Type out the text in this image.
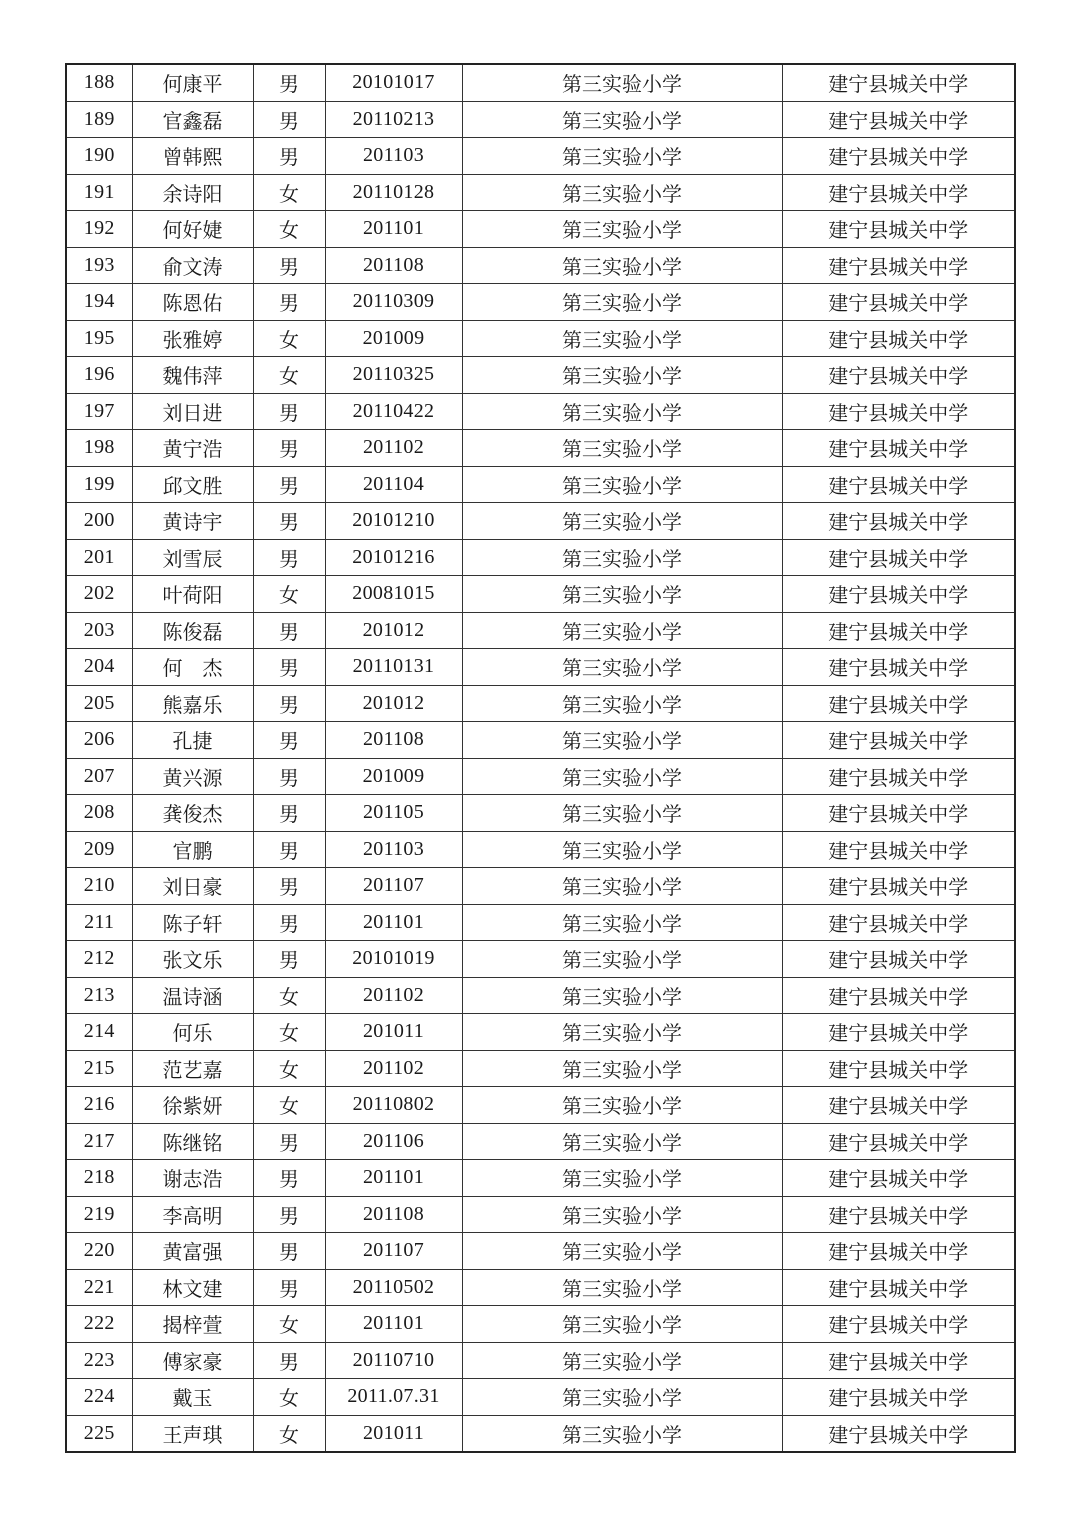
188	何康平	男	20101017	第三实验小学	建宁县城关中学
189	官鑫磊	男	20110213	第三实验小学	建宁县城关中学
190	曾韩熙	男	201103	第三实验小学	建宁县城关中学
191	余诗阳	女	20110128	第三实验小学	建宁县城关中学
192	何好婕	女	201101	第三实验小学	建宁县城关中学
193	俞文涛	男	201108	第三实验小学	建宁县城关中学
194	陈恩佑	男	20110309	第三实验小学	建宁县城关中学
195	张雅婷	女	201009	第三实验小学	建宁县城关中学
196	魏伟萍	女	20110325	第三实验小学	建宁县城关中学
197	刘日进	男	20110422	第三实验小学	建宁县城关中学
198	黄宁浩	男	201102	第三实验小学	建宁县城关中学
199	邱文胜	男	201104	第三实验小学	建宁县城关中学
200	黄诗宇	男	20101210	第三实验小学	建宁县城关中学
201	刘雪辰	男	20101216	第三实验小学	建宁县城关中学
202	叶荷阳	女	20081015	第三实验小学	建宁县城关中学
203	陈俊磊	男	201012	第三实验小学	建宁县城关中学
204	何　杰	男	20110131	第三实验小学	建宁县城关中学
205	熊嘉乐	男	201012	第三实验小学	建宁县城关中学
206	孔捷	男	201108	第三实验小学	建宁县城关中学
207	黄兴源	男	201009	第三实验小学	建宁县城关中学
208	龚俊杰	男	201105	第三实验小学	建宁县城关中学
209	官鹏	男	201103	第三实验小学	建宁县城关中学
210	刘日豪	男	201107	第三实验小学	建宁县城关中学
211	陈子轩	男	201101	第三实验小学	建宁县城关中学
212	张文乐	男	20101019	第三实验小学	建宁县城关中学
213	温诗涵	女	201102	第三实验小学	建宁县城关中学
214	何乐	女	201011	第三实验小学	建宁县城关中学
215	范艺嘉	女	201102	第三实验小学	建宁县城关中学
216	徐紫妍	女	20110802	第三实验小学	建宁县城关中学
217	陈继铭	男	201106	第三实验小学	建宁县城关中学
218	谢志浩	男	201101	第三实验小学	建宁县城关中学
219	李高明	男	201108	第三实验小学	建宁县城关中学
220	黄富强	男	201107	第三实验小学	建宁县城关中学
221	林文建	男	20110502	第三实验小学	建宁县城关中学
222	揭梓萱	女	201101	第三实验小学	建宁县城关中学
223	傅家豪	男	20110710	第三实验小学	建宁县城关中学
224	戴玉	女	2011.07.31	第三实验小学	建宁县城关中学
225	王声琪	女	201011	第三实验小学	建宁县城关中学
